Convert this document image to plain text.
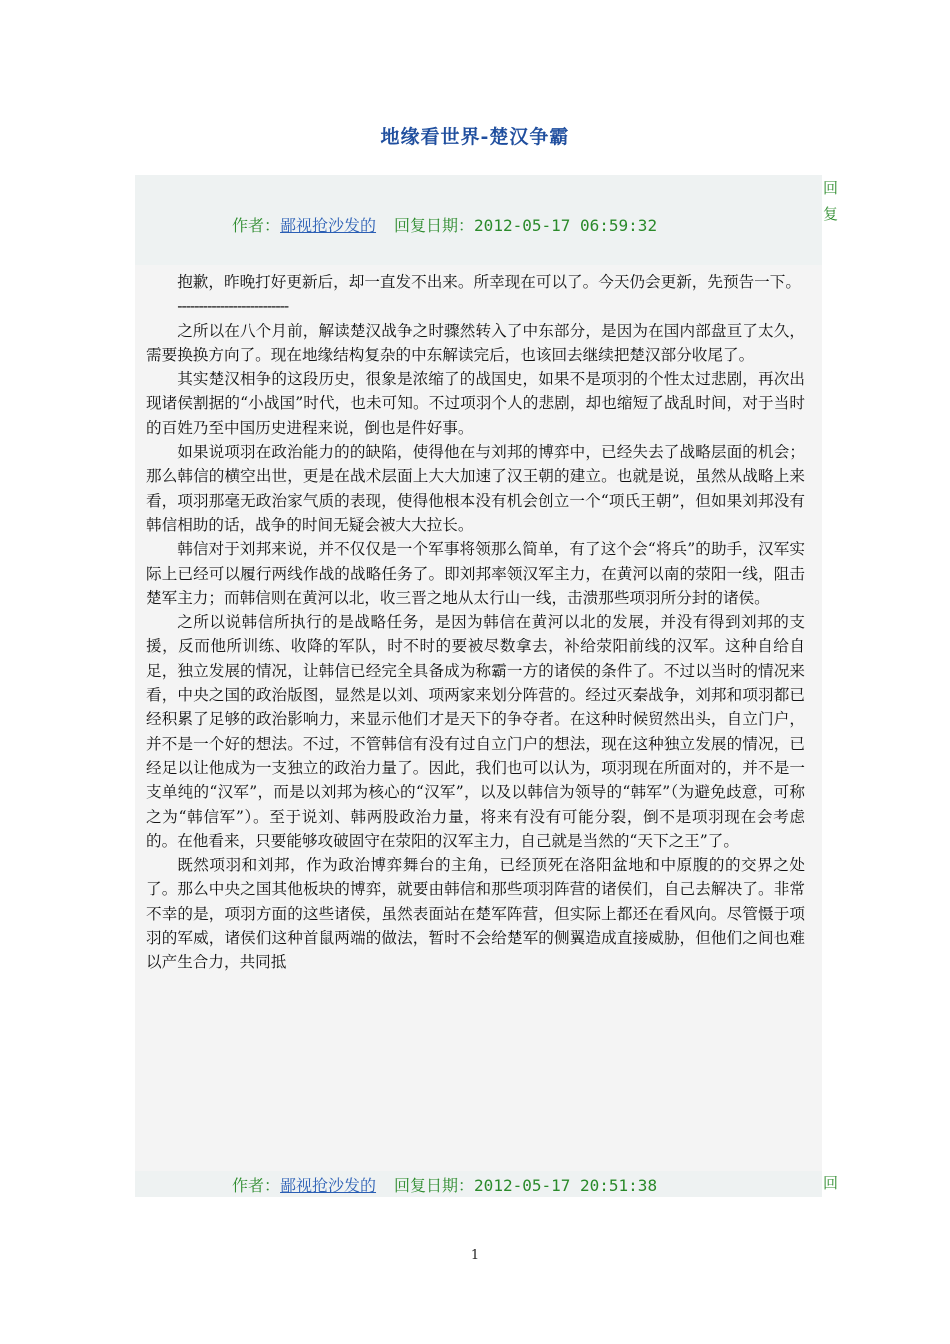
地缘看世界-楚汉争霸
作者：鄙视抢沙发的 回复日期：2012-05-17 06:59:32
回复

抱歉，昨晚打好更新后，却一直发不出来。所幸现在可以了。今天仍会更新，先预告一下。

--------------------------

之所以在八个月前，解读楚汉战争之时骤然转入了中东部分，是因为在国内部盘亘了太久，需要换换方向了。现在地缘结构复杂的中东解读完后，也该回去继续把楚汉部分收尾了。

其实楚汉相争的这段历史，很象是浓缩了的战国史，如果不是项羽的个性太过悲剧，再次出现诸侯割据的“小战国”时代，也未可知。不过项羽个人的悲剧，却也缩短了战乱时间，对于当时的百姓乃至中国历史进程来说，倒也是件好事。

如果说项羽在政治能力的的缺陷，使得他在与刘邦的博弈中，已经失去了战略层面的机会；那么韩信的横空出世，更是在战术层面上大大加速了汉王朝的建立。也就是说，虽然从战略上来看，项羽那毫无政治家气质的表现，使得他根本没有机会创立一个“项氏王朝”，但如果刘邦没有韩信相助的话，战争的时间无疑会被大大拉长。

韩信对于刘邦来说，并不仅仅是一个军事将领那么简单，有了这个会“将兵”的助手，汉军实际上已经可以履行两线作战的战略任务了。即刘邦率领汉军主力，在黄河以南的荥阳一线，阻击楚军主力；而韩信则在黄河以北，收三晋之地从太行山一线，击溃那些项羽所分封的诸侯。

之所以说韩信所执行的是战略任务，是因为韩信在黄河以北的发展，并没有得到刘邦的支援，反而他所训练、收降的军队，时不时的要被尽数拿去，补给荥阳前线的汉军。这种自给自足，独立发展的情况，让韩信已经完全具备成为称霸一方的诸侯的条件了。不过以当时的情况来看，中央之国的政治版图，显然是以刘、项两家来划分阵营的。经过灭秦战争，刘邦和项羽都已经积累了足够的政治影响力，来显示他们才是天下的争夺者。在这种时候贸然出头，自立门户，并不是一个好的想法。不过，不管韩信有没有过自立门户的想法，现在这种独立发展的情况，已经足以让他成为一支独立的政治力量了。因此，我们也可以认为，项羽现在所面对的，并不是一支单纯的“汉军”，而是以刘邦为核心的“汉军”，以及以韩信为领导的“韩军”（为避免歧意，可称之为“韩信军”）。至于说刘、韩两股政治力量，将来有没有可能分裂，倒不是项羽现在会考虑的。在他看来，只要能够攻破固守在荥阳的汉军主力，自己就是当然的“天下之王”了。

既然项羽和刘邦，作为政治博弈舞台的主角，已经顶死在洛阳盆地和中原腹的的交界之处了。那么中央之国其他板块的博弈，就要由韩信和那些项羽阵营的诸侯们，自己去解决了。非常不幸的是，项羽方面的这些诸侯，虽然表面站在楚军阵营，但实际上都还在看风向。尽管慑于项羽的军威，诸侯们这种首鼠两端的做法，暂时不会给楚军的侧翼造成直接威胁，但他们之间也难以产生合力，共同抵

作者：鄙视抢沙发的 回复日期：2012-05-17 20:51:38	回
1
